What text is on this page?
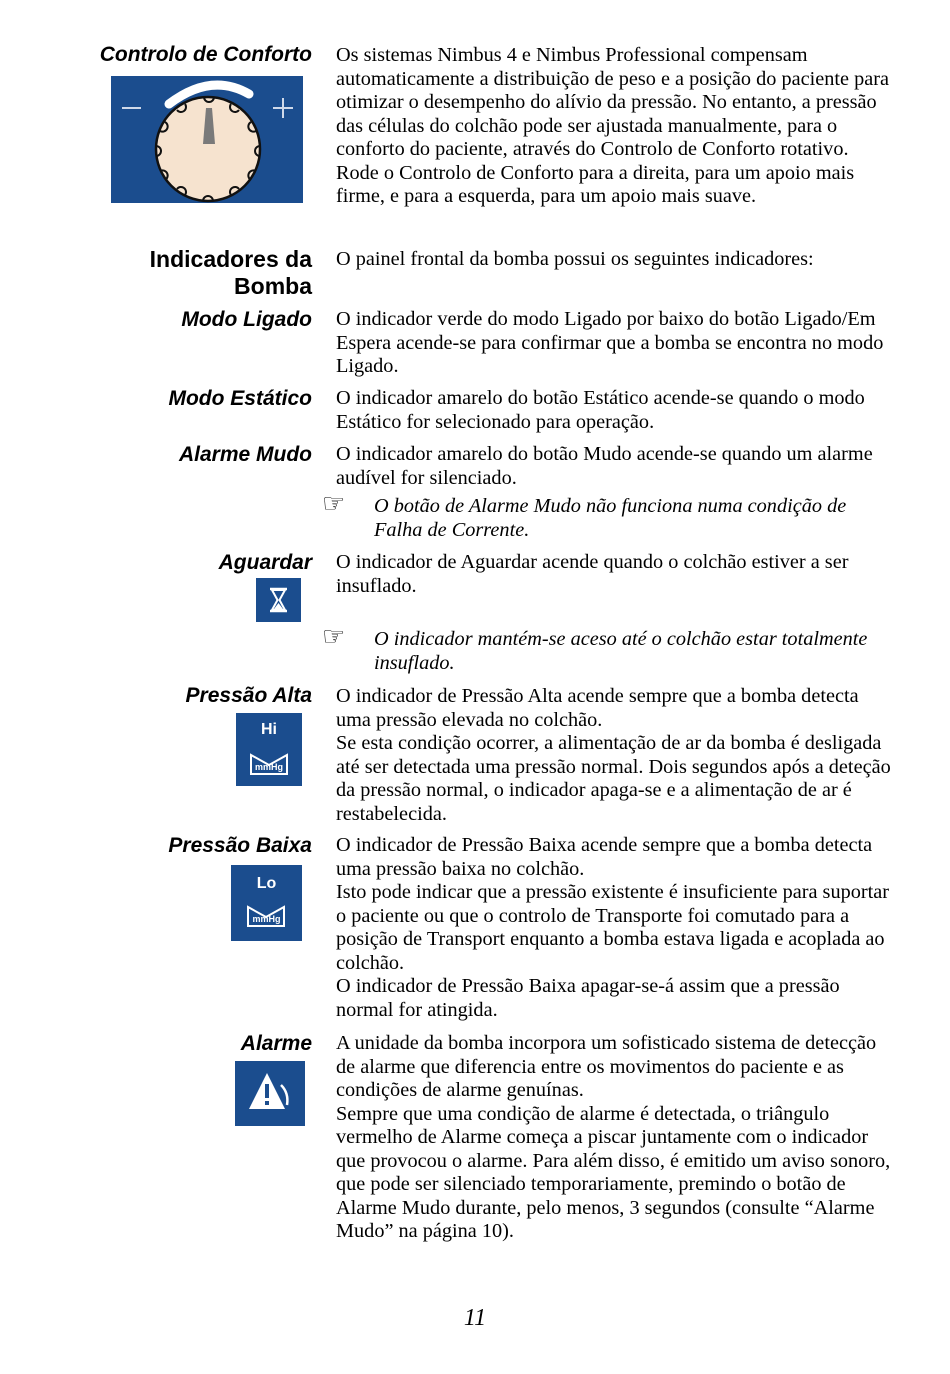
Controlo de Conforto Os sistemas Nimbus 4 e Nimbus Professional compensam automaticamente a distribuição de peso e a posição do paciente para otimizar o desempenho do alívio da pressão. No entanto, a pressão das células do colchão pode ser ajustada manualmente, para o conforto do paciente, através do Controlo de Conforto rotativo.

Rode o Controlo de Conforto para a direita, para um apoio mais firme, e para a esquerda, para um apoio mais suave.

Indicadores da
Bomba
O painel frontal da bomba possui os seguintes indicadores:
Modo Ligado O indicador verde do modo Ligado por baixo do botão Ligado/Em Espera acende-se para confirmar que a bomba se encontra no modo Ligado.
Modo Estático O indicador amarelo do botão Estático acende-se quando o modo Estático for selecionado para operação.
Alarme Mudo O indicador amarelo do botão Mudo acende-se quando um alarme audível for silenciado.
☞	O botão de Alarme Mudo não funciona numa condição de Falha de Corrente.
Aguardar O indicador de Aguardar acende quando o colchão estiver a ser insuflado.
☞	O indicador mantém-se aceso até o colchão estar totalmente insuflado.
Pressão Alta
Hi
mmHg

O indicador de Pressão Alta acende sempre que a bomba detecta uma pressão elevada no colchão.

Se esta condição ocorrer, a alimentação de ar da bomba é desligada até ser detectada uma pressão normal. Dois segundos após a deteção da pressão normal, o indicador apaga-se e a alimentação de ar é restabelecida.

Pressão Baixa
Lo
mmHg

O indicador de Pressão Baixa acende sempre que a bomba detecta uma pressão baixa no colchão.

Isto pode indicar que a pressão existente é insuficiente para suportar o paciente ou que o controlo de Transporte foi comutado para a posição de Transport enquanto a bomba estava ligada e acoplada ao colchão.

O indicador de Pressão Baixa apagar-se-á assim que a pressão normal for atingida.

Alarme A unidade da bomba incorpora um sofisticado sistema de detecção de alarme que diferencia entre os movimentos do paciente e as condições de alarme genuínas.

Sempre que uma condição de alarme é detectada, o triângulo vermelho de Alarme começa a piscar juntamente com o indicador que provocou o alarme. Para além disso, é emitido um aviso sonoro, que pode ser silenciado temporariamente, premindo o botão de Alarme Mudo durante, pelo menos, 3 segundos (consulte “Alarme Mudo” na página 10).

11
